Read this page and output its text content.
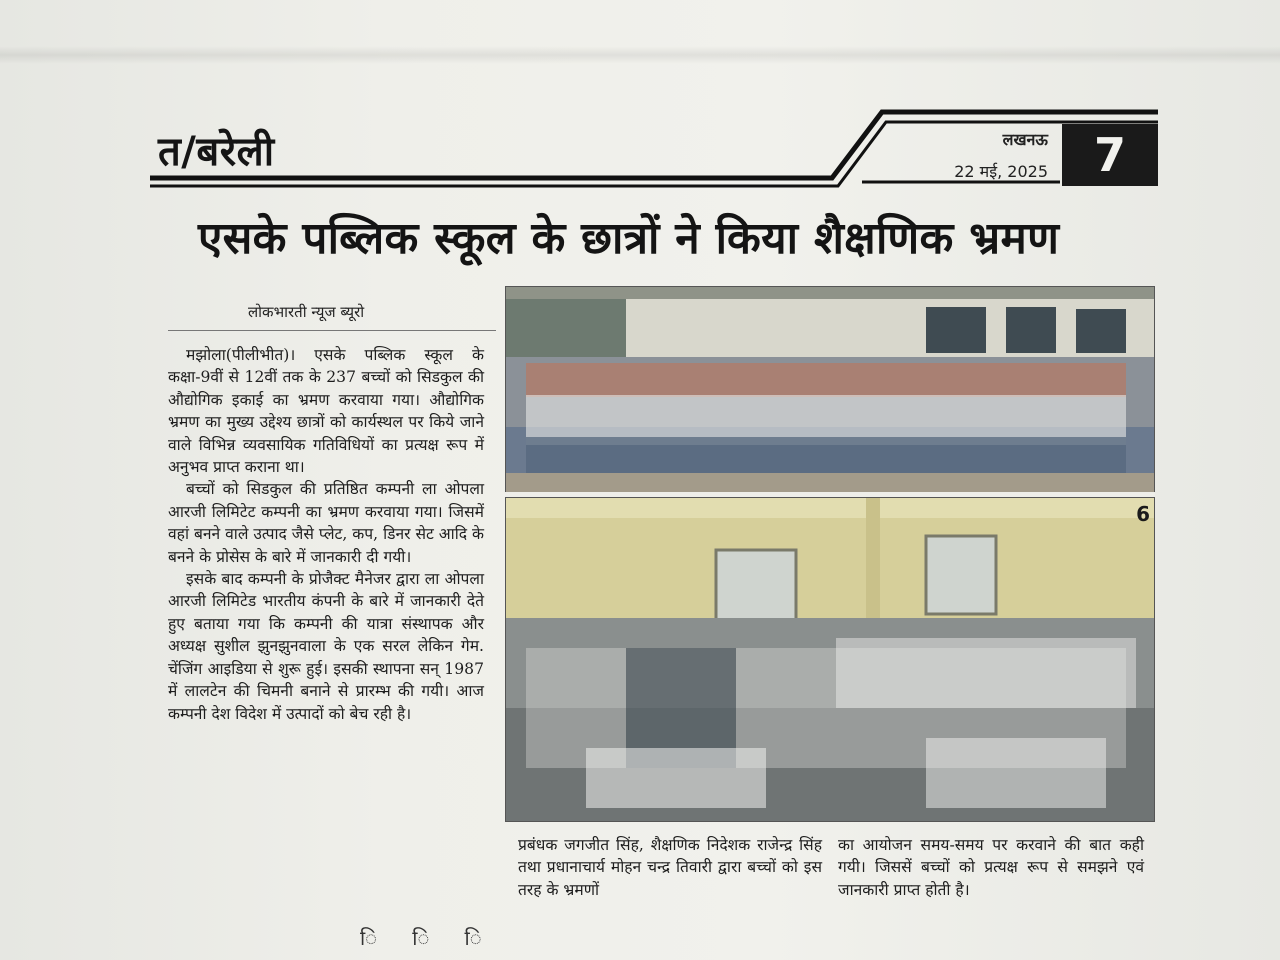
त/बरेली	लखनऊ
22 मई, 2025 7
एसके पब्लिक स्कूल के छात्रों ने किया शैक्षणिक भ्रमण
लोकभारती न्यूज ब्यूरो

मझोला(पीलीभीत)। एसके पब्लिक स्कूल के कक्षा-9वीं से 12वीं तक के 237 बच्चों को सिडकुल की औद्योगिक इकाई का भ्रमण करवाया गया। औद्योगिक भ्रमण का मुख्य उद्देश्य छात्रों को कार्यस्थल पर किये जाने वाले विभिन्न व्यवसायिक गतिविधियों का प्रत्यक्ष रूप में अनुभव प्राप्त कराना था।

बच्चों को सिडकुल की प्रतिष्ठित कम्पनी ला ओपला आरजी लिमिटेट कम्पनी का भ्रमण करवाया गया। जिसमें वहां बनने वाले उत्पाद जैसे प्लेट, कप, डिनर सेट आदि के बनने के प्रोसेस के बारे में जानकारी दी गयी।

इसके बाद कम्पनी के प्रोजैक्ट मैनेजर द्वारा ला ओपला आरजी लिमिटेड भारतीय कंपनी के बारे में जानकारी देते हुए बताया गया कि कम्पनी की यात्रा संस्थापक और अध्यक्ष सुशील झुनझुनवाला के एक सरल लेकिन गेम. चेंजिंग आइडिया से शुरू हुई। इसकी स्थापना सन् 1987 में लालटेन की चिमनी बनाने से प्रारम्भ की गयी। आज कम्पनी देश विदेश में उत्पादों को बेच रही है।

6
प्रबंधक जगजीत सिंह, शैक्षणिक निदेशक राजेन्द्र सिंह तथा प्रधानाचार्य मोहन चन्द्र तिवारी द्वारा बच्चों को इस तरह के भ्रमणों
का आयोजन समय-समय पर करवाने की बात कही गयी। जिससें बच्चों को प्रत्यक्ष रूप से समझने एवं जानकारी प्राप्त होती है।
ि ि ि
